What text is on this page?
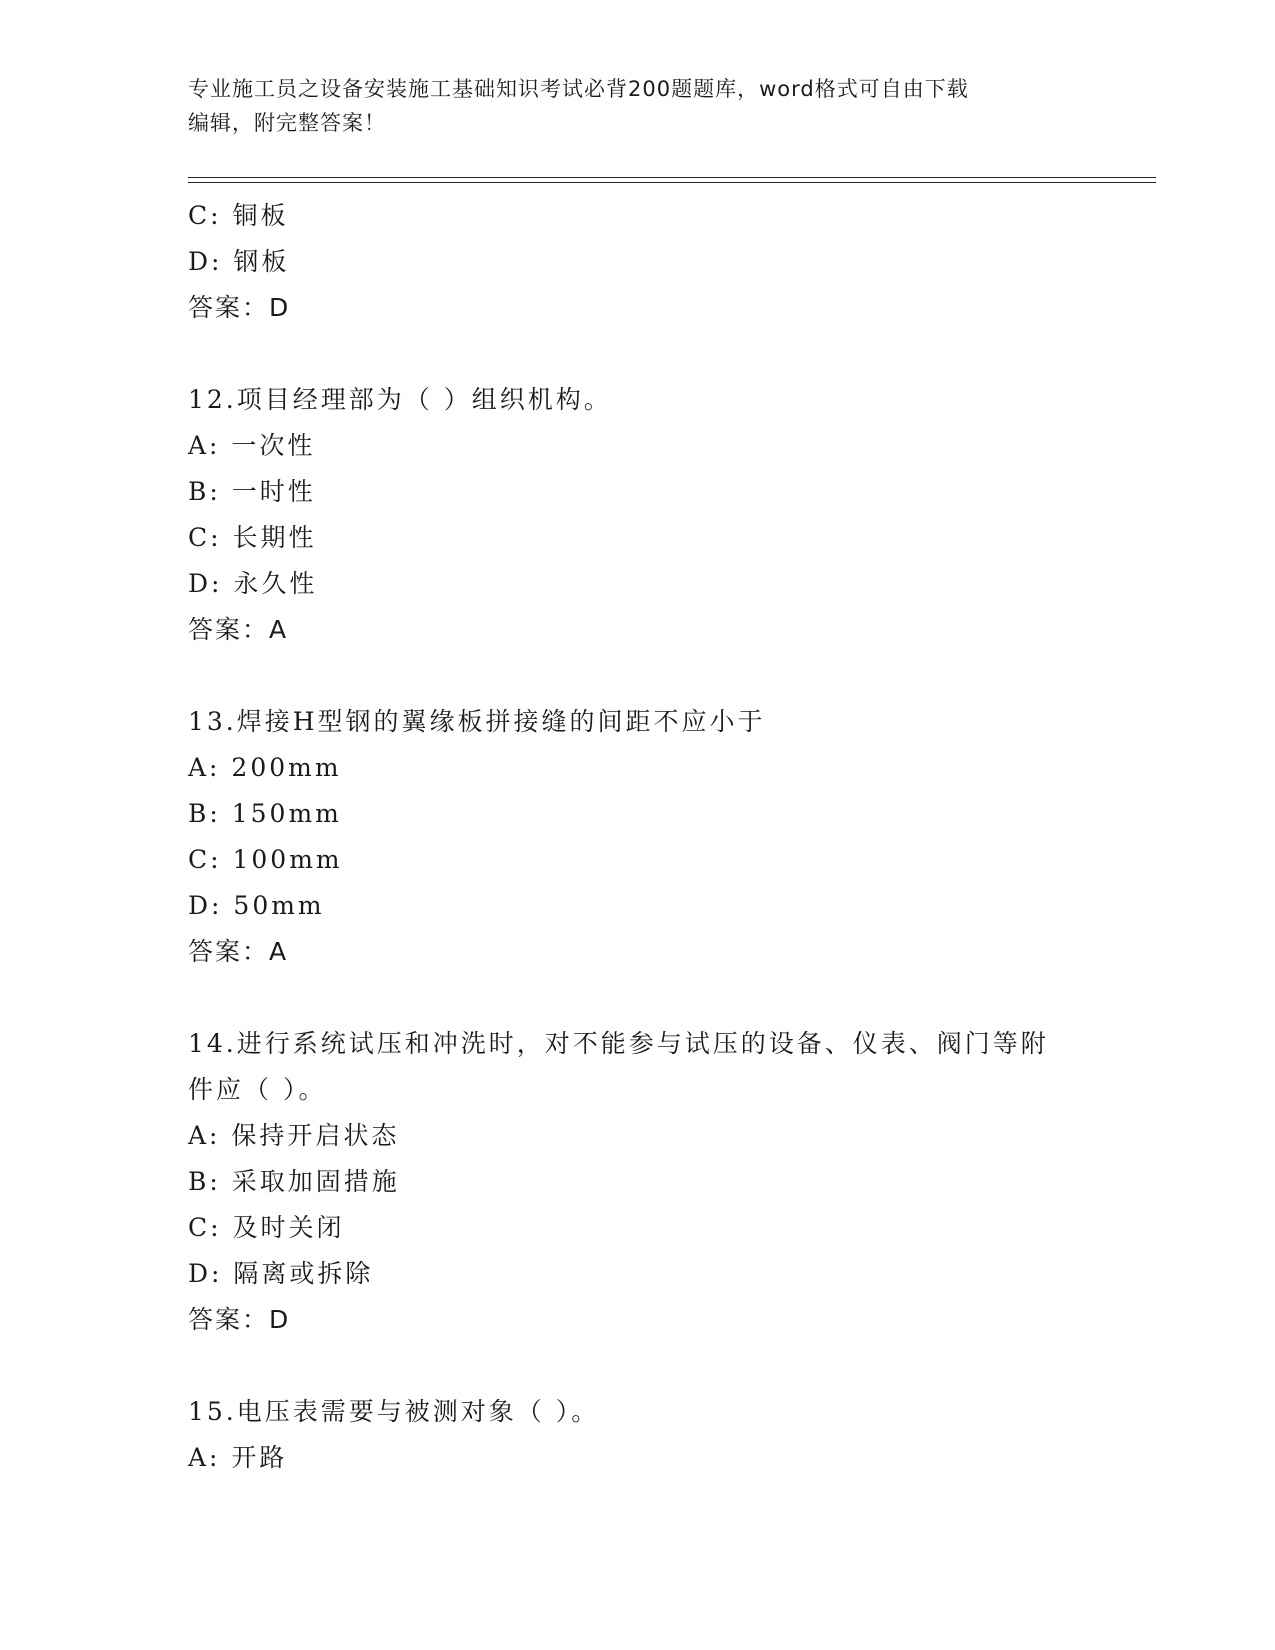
专业施工员之设备安装施工基础知识考试必背200题题库，word格式可自由下载
编辑，附完整答案！
C: 铜板
D: 钢板
答案：D
12.项目经理部为（ ）组织机构。
A: 一次性
B: 一时性
C: 长期性
D: 永久性
答案：A
13.焊接H型钢的翼缘板拼接缝的间距不应小于
A: 200mm
B: 150mm
C: 100mm
D: 50mm
答案：A
14.进行系统试压和冲洗时，对不能参与试压的设备、仪表、阀门等附
件应（ ）。
A: 保持开启状态
B: 采取加固措施
C: 及时关闭
D: 隔离或拆除
答案：D
15.电压表需要与被测对象（ ）。
A: 开路
